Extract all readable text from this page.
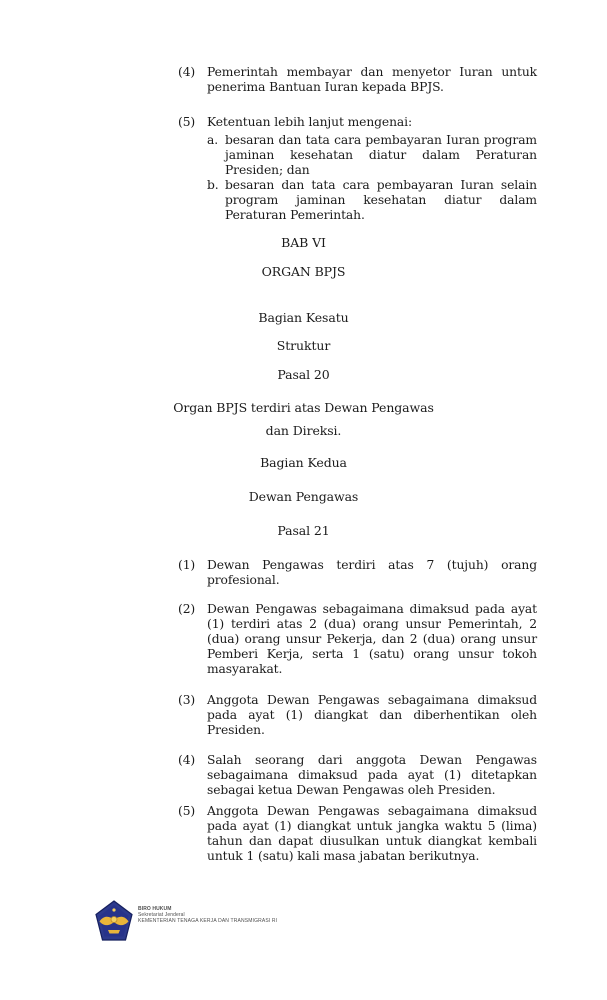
(4) Pemerintah membayar dan menyetor Iuran untuk penerima Bantuan Iuran kepada BPJS.
(5) Ketentuan lebih lanjut mengenai:
a. besaran dan tata cara pembayaran Iuran program jaminan kesehatan diatur dalam Peraturan Presiden; dan
b. besaran dan tata cara pembayaran Iuran selain program jaminan kesehatan diatur dalam Peraturan Pemerintah.
BAB VI
ORGAN BPJS
Bagian Kesatu
Struktur
Pasal 20
Organ BPJS terdiri atas Dewan Pengawas
dan Direksi.
Bagian Kedua
Dewan Pengawas
Pasal 21
(1) Dewan Pengawas terdiri atas 7 (tujuh) orang profesional.
(2) Dewan Pengawas sebagaimana dimaksud pada ayat (1) terdiri atas 2 (dua) orang unsur Pemerintah, 2 (dua) orang unsur Pekerja, dan 2 (dua) orang unsur Pemberi Kerja, serta 1 (satu) orang unsur tokoh masyarakat.
(3) Anggota Dewan Pengawas sebagaimana dimaksud pada ayat (1) diangkat dan diberhentikan oleh Presiden.
(4) Salah seorang dari anggota Dewan Pengawas sebagaimana dimaksud pada ayat (1) ditetapkan sebagai ketua Dewan Pengawas oleh Presiden.
(5) Anggota Dewan Pengawas sebagaimana dimaksud pada ayat (1) diangkat untuk jangka waktu 5 (lima) tahun dan dapat diusulkan untuk diangkat kembali untuk 1 (satu) kali masa jabatan berikutnya.
BIRO HUKUM
Sekretariat Jenderal
KEMENTERIAN TENAGA KERJA DAN TRANSMIGRASI RI
